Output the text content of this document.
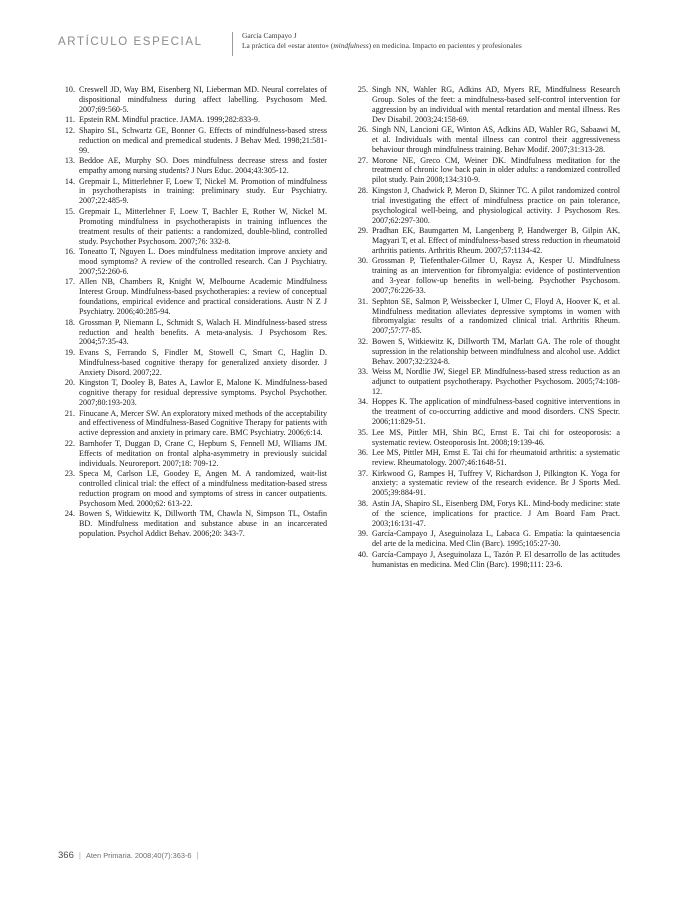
ARTÍCULO ESPECIAL
García Campayo J
La práctica del «estar atento» (mindfulness) en medicina. Impacto en pacientes y profesionales
10. Creswell JD, Way BM, Eisenberg NI, Lieberman MD. Neural correlates of dispositional mindfulness during affect labelling. Psychosom Med. 2007;69:560-5.
11. Epstein RM. Mindful practice. JAMA. 1999;282:833-9.
12. Shapiro SL, Schwartz GE, Bonner G. Effects of mindfulness-based stress reduction on medical and premedical students. J Behav Med. 1998;21:581-99.
13. Beddoe AE, Murphy SO. Does mindfulness decrease stress and foster empathy among nursing students? J Nurs Educ. 2004;43:305-12.
14. Grepmair L, Mitterlehner F, Loew T, Nickel M. Promotion of mindfulness in psychotherapists in training: preliminary study. Eur Psychiatry. 2007;22:485-9.
15. Grepmair L, Mitterlehner F, Loew T, Bachler E, Rother W, Nickel M. Promoting mindfulness in psychotherapists in training influences the treatment results of their patients: a randomized, double-blind, controlled study. Psychother Psychosom. 2007;76: 332-8.
16. Toneatto T, Nguyen L. Does mindfulness meditation improve anxiety and mood symptoms? A review of the controlled research. Can J Psychiatry. 2007;52:260-6.
17. Allen NB, Chambers R, Knight W, Melbourne Academic Mindfulness Interest Group. Mindfulness-based psychotherapies: a review of conceptual foundations, empirical evidence and practical considerations. Austr N Z J Psychiatry. 2006;40:285-94.
18. Grossman P, Niemann L, Schmidt S, Walach H. Mindfulness-based stress reduction and health benefits. A meta-analysis. J Psychosom Res. 2004;57:35-43.
19. Evans S, Ferrando S, Findler M, Stowell C, Smart C, Haglin D. Mindfulness-based cognitive therapy for generalized anxiety disorder. J Anxiety Disord. 2007;22.
20. Kingston T, Dooley B, Bates A, Lawlor E, Malone K. Mindfulness-based cognitive therapy for residual depressive symptoms. Psychol Psychother. 2007;80:193-203.
21. Finucane A, Mercer SW. An exploratory mixed methods of the acceptability and effectiveness of Mindfulness-Based Cognitive Therapy for patients with active depression and anxiety in primary care. BMC Psychiatry. 2006;6:14.
22. Barnhofer T, Duggan D, Crane C, Hepburn S, Fennell MJ, WIliams JM. Effects of meditation on frontal alpha-asymmetry in previously suicidal individuals. Neuroreport. 2007;18: 709-12.
23. Speca M, Carlson LE, Goodey E, Angen M. A randomized, wait-list controlled clinical trial: the effect of a mindfulness meditation-based stress reduction program on mood and symptoms of stress in cancer outpatients. Psychosom Med. 2000;62: 613-22.
24. Bowen S, Witkiewitz K, Dillworth TM, Chawla N, Simpson TL, Ostafin BD. Mindfulness meditation and substance abuse in an incarcerated population. Psychol Addict Behav. 2006;20: 343-7.
25. Singh NN, Wahler RG, Adkins AD, Myers RE, Mindfulness Research Group. Soles of the feet: a mindfulness-based self-control intervention for aggression by an individual with mental retardation and mental illness. Res Dev Disabil. 2003;24:158-69.
26. Singh NN, Lancioni GE, Winton AS, Adkins AD, Wahler RG, Sabaawi M, et al. Individuals with mental illness can control their aggressiveness behaviour through mindfulness training. Behav Modif. 2007;31:313-28.
27. Morone NE, Greco CM, Weiner DK. Mindfulness meditation for the treatment of chronic low back pain in older adults: a randomized controlled pilot study. Pain 2008;134:310-9.
28. Kingston J, Chadwick P, Meron D, Skinner TC. A pilot randomized control trial investigating the effect of mindfulness practice on pain tolerance, psychological well-being, and physiological activity. J Psychosom Res. 2007;62:297-300.
29. Pradhan EK, Baumgarten M, Langenberg P, Handwerger B, Gilpin AK, Magyari T, et al. Effect of mindfulness-based stress reduction in rheumatoid arthritis patients. Arthritis Rheum. 2007;57:1134-42.
30. Grossman P, Tiefenthaler-Gilmer U, Raysz A, Kesper U. Mindfulness training as an intervention for fibromyalgia: evidence of postintervention and 3-year follow-up benefits in well-being. Psychother Psychosom. 2007;76:226-33.
31. Sephton SE, Salmon P, Weissbecker I, Ulmer C, Floyd A, Hoover K, et al. Mindfulness meditation alleviates depressive symptoms in women with fibromyalgia: results of a randomized clinical trial. Arthritis Rheum. 2007;57:77-85.
32. Bowen S, Witkiewitz K, Dillworth TM, Marlatt GA. The role of thought supression in the relationship between mindfulness and alcohol use. Addict Behav. 2007;32:2324-8.
33. Weiss M, Nordlie JW, Siegel EP. Mindfulness-based stress reduction as an adjunct to outpatient psychotherapy. Psychother Psychosom. 2005;74:108-12.
34. Hoppes K. The application of mindfulness-based cognitive interventions in the treatment of co-occurring addictive and mood disorders. CNS Spectr. 2006;11:829-51.
35. Lee MS, Pittler MH, Shin BC, Ernst E. Tai chi for osteoporosis: a systematic review. Osteoporosis Int. 2008;19:139-46.
36. Lee MS, Pittler MH, Ernst E. Tai chi for rheumatoid arthritis: a systematic review. Rheumatology. 2007;46:1648-51.
37. Kirkwood G, Rampes H, Tuffrey V, Richardson J, Pilkington K. Yoga for anxiety: a systematic review of the research evidence. Br J Sports Med. 2005;39:884-91.
38. Astin JA, Shapiro SL, Eisenberg DM, Forys KL. Mind-body medicine: state of the science, implications for practice. J Am Board Fam Pract. 2003;16:131-47.
39. García-Campayo J, Aseguinolaza L, Labaca G. Empatía: la quintaesencia del arte de la medicina. Med Clin (Barc). 1995;105:27-30.
40. García-Campayo J, Aseguinolaza L, Tazón P. El desarrollo de las actitudes humanistas en medicina. Med Clin (Barc). 1998;111: 23-6.
366 | Aten Primaria. 2008;40(7):363-6 |
